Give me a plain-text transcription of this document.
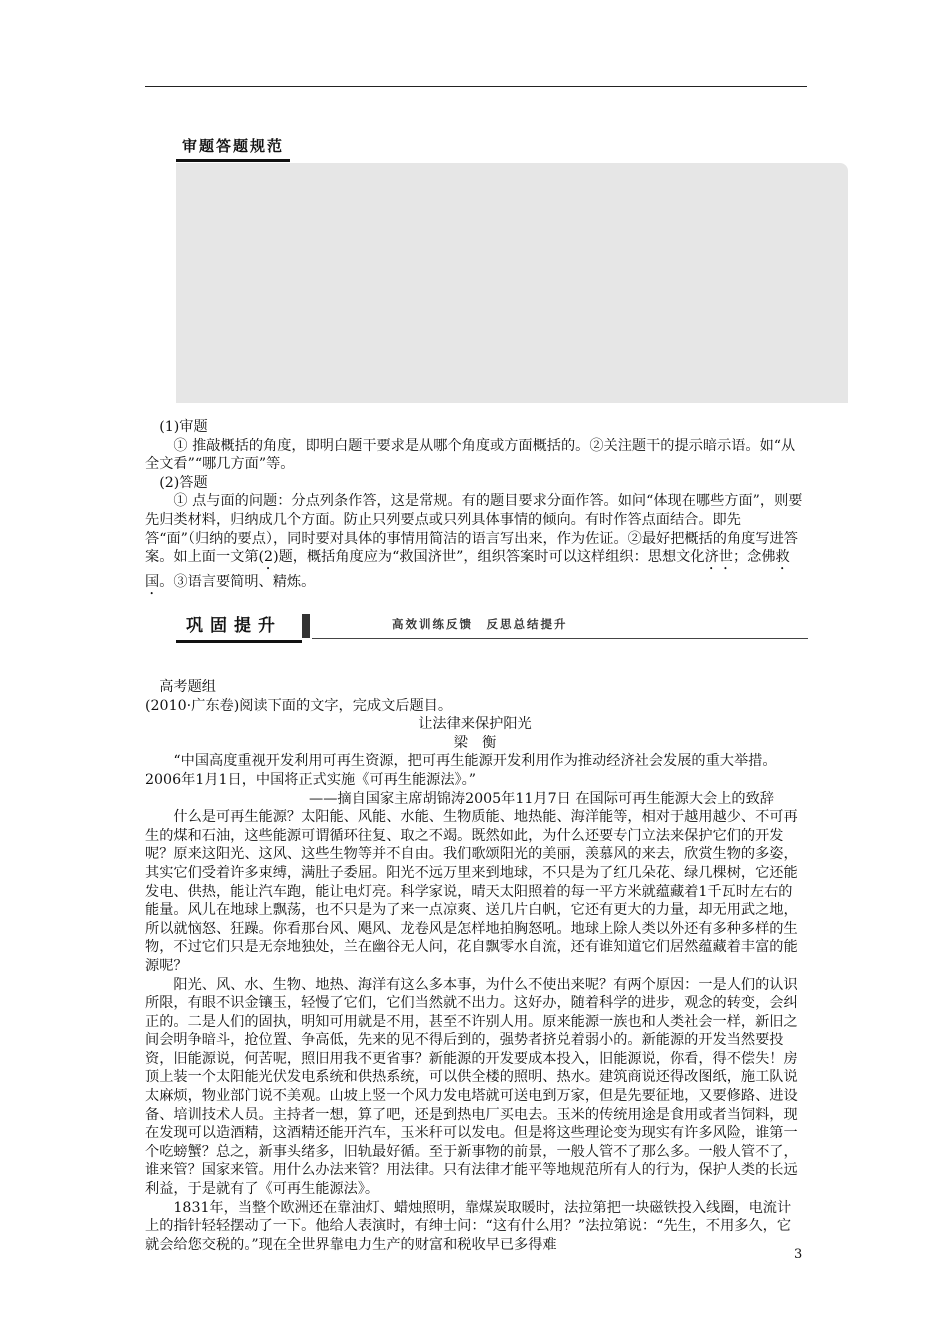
审题答题规范

(1)审题

① 推敲概括的角度，即明白题干要求是从哪个角度或方面概括的。②关注题干的提示暗示语。如“从全文看”“哪几方面”等。

(2)答题

① 点与面的问题：分点列条作答，这是常规。有的题目要求分面作答。如问“体现在哪些方面”，则要先归类材料，归纳成几个方面。防止只列要点或只列具体事情的倾向。有时作答点面结合。即先答“面”（归纳的要点），同时要对具体的事情用简洁的语言写出来，作为佐证。②最好把概括的角度写进答案。如上面一文第(2)题，概括角度应为“救国济世”，组织答案时可以这样组织：思想文化济世；念佛救国。③语言要简明、精炼。

巩固提升	高效训练反馈　反思总结提升

高考题组

(2010·广东卷)阅读下面的文字，完成文后题目。

让法律来保护阳光

梁　衡

“中国高度重视开发利用可再生资源，把可再生能源开发利用作为推动经济社会发展的重大举措。2006年1月1日，中国将正式实施《可再生能源法》。”

——摘自国家主席胡锦涛2005年11月7日 在国际可再生能源大会上的致辞

什么是可再生能源？太阳能、风能、水能、生物质能、地热能、海洋能等，相对于越用越少、不可再生的煤和石油，这些能源可谓循环往复、取之不竭。既然如此，为什么还要专门立法来保护它们的开发呢？原来这阳光、这风、这些生物等并不自由。我们歌颂阳光的美丽，羡慕风的来去，欣赏生物的多姿，其实它们受着许多束缚，满肚子委屈。阳光不远万里来到地球，不只是为了红几朵花、绿几棵树，它还能发电、供热，能让汽车跑，能让电灯亮。科学家说，晴天太阳照着的每一平方米就蕴藏着1千瓦时左右的能量。风儿在地球上飘荡，也不只是为了来一点凉爽、送几片白帆，它还有更大的力量，却无用武之地，所以就恼怒、狂躁。你看那台风、飓风、龙卷风是怎样地拍胸怒吼。地球上除人类以外还有多种多样的生物，不过它们只是无奈地独处，兰在幽谷无人问，花自飘零水自流，还有谁知道它们居然蕴藏着丰富的能源呢？

阳光、风、水、生物、地热、海洋有这么多本事，为什么不使出来呢？有两个原因：一是人们的认识所限，有眼不识金镶玉，轻慢了它们，它们当然就不出力。这好办，随着科学的进步，观念的转变，会纠正的。二是人们的固执，明知可用就是不用，甚至不许别人用。原来能源一族也和人类社会一样，新旧之间会明争暗斗，抢位置、争高低，先来的见不得后到的，强势者挤兑着弱小的。新能源的开发当然要投资，旧能源说，何苦呢，照旧用我不更省事？新能源的开发要成本投入，旧能源说，你看，得不偿失！房顶上装一个太阳能光伏发电系统和供热系统，可以供全楼的照明、热水。建筑商说还得改图纸，施工队说太麻烦，物业部门说不美观。山坡上竖一个风力发电塔就可送电到万家，但是先要征地，又要修路、进设备、培训技术人员。主持者一想，算了吧，还是到热电厂买电去。玉米的传统用途是食用或者当饲料，现在发现可以造酒精，这酒精还能开汽车，玉米秆可以发电。但是将这些理论变为现实有许多风险，谁第一个吃螃蟹？总之，新事头绪多，旧轨最好循。至于新事物的前景，一般人管不了那么多。一般人管不了，谁来管？国家来管。用什么办法来管？用法律。只有法律才能平等地规范所有人的行为，保护人类的长远利益，于是就有了《可再生能源法》。

1831年，当整个欧洲还在靠油灯、蜡烛照明，靠煤炭取暖时，法拉第把一块磁铁投入线圈，电流计上的指针轻轻摆动了一下。他给人表演时，有绅士问：“这有什么用？”法拉第说：“先生，不用多久，它就会给您交税的。”现在全世界靠电力生产的财富和税收早已多得难

3
